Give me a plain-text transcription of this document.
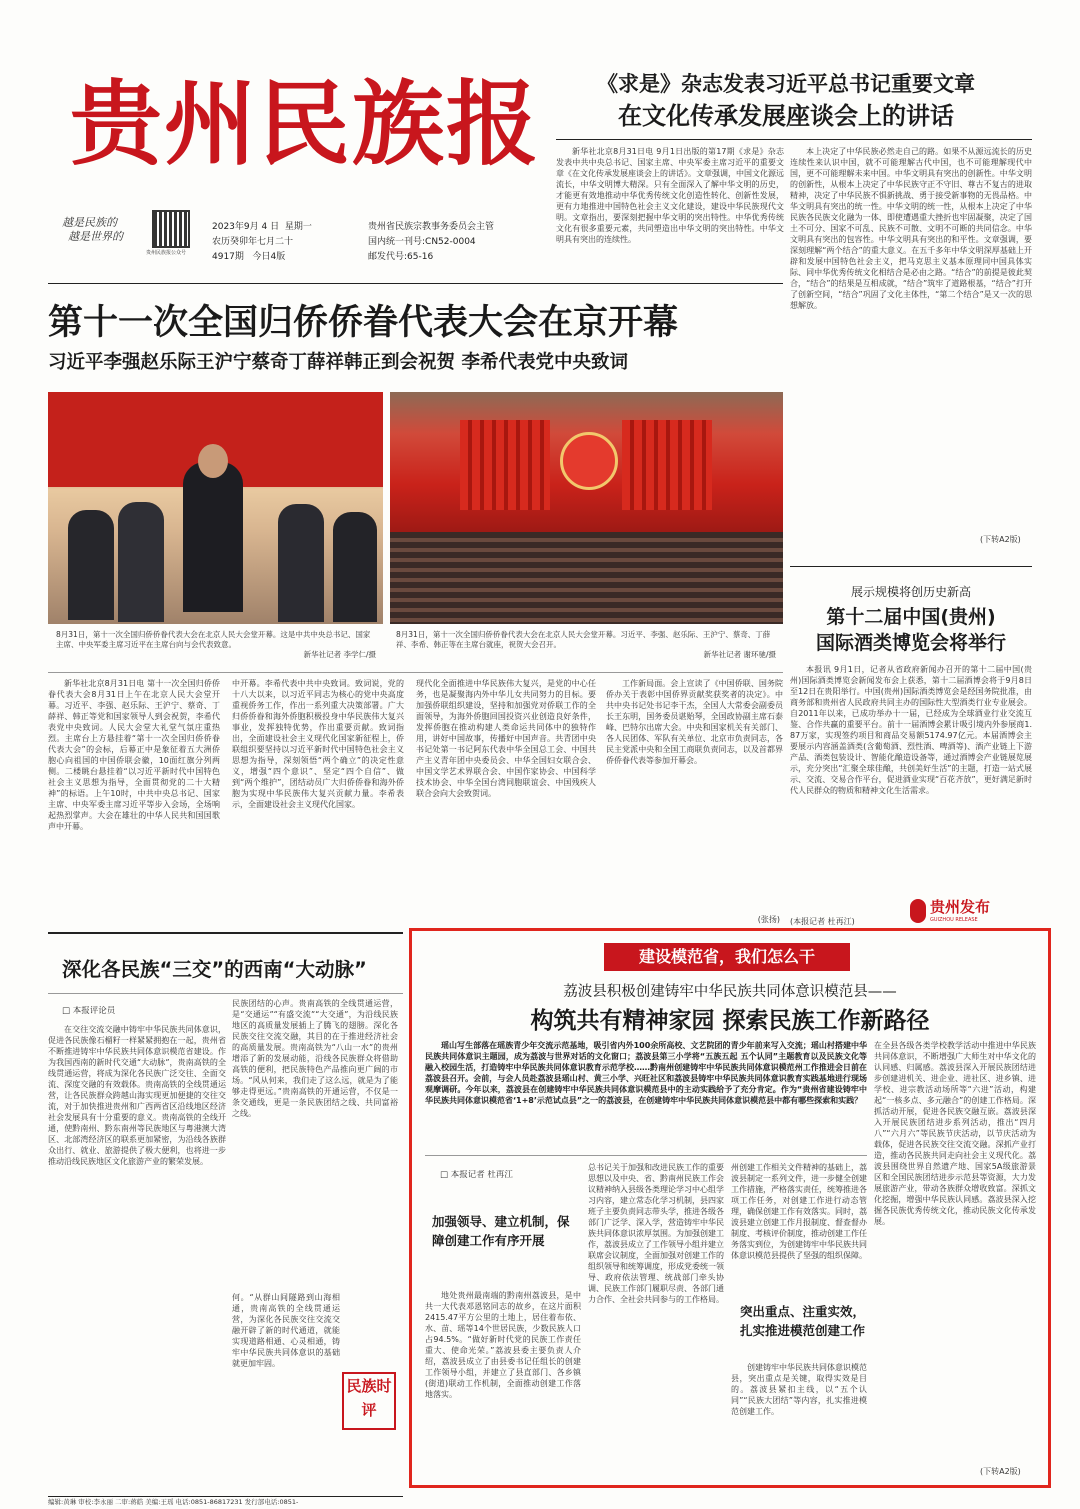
贵州民族报
越是民族的
越是世界的
贵州民族报公众号
2023年9月 4 日 星期一
农历癸卯年七月二十
4917期 今日4版
贵州省民族宗教事务委员会主管
国内统一刊号:CN52-0004
邮发代号:65-16
《求是》杂志发表习近平总书记重要文章
在文化传承发展座谈会上的讲话
新华社北京8月31日电 9月1日出版的第17期《求是》杂志发表中共中央总书记、国家主席、中央军委主席习近平的重要文章《在文化传承发展座谈会上的讲话》。文章强调，中国文化源远流长，中华文明博大精深。只有全面深入了解中华文明的历史，才能更有效地推动中华优秀传统文化创造性转化、创新性发展，更有力地推进中国特色社会主义文化建设，建设中华民族现代文明。文章指出，要深刻把握中华文明的突出特性。中华优秀传统文化有很多重要元素，共同塑造出中华文明的突出特性。中华文明具有突出的连续性。
本上决定了中华民族必然走自己的路。如果不从源远流长的历史连续性来认识中国，就不可能理解古代中国，也不可能理解现代中国，更不可能理解未来中国。中华文明具有突出的创新性。中华文明的创新性，从根本上决定了中华民族守正不守旧、尊古不复古的进取精神，决定了中华民族不惧新挑战、勇于接受新事物的无畏品格。中华文明具有突出的统一性。中华文明的统一性，从根本上决定了中华民族各民族文化融为一体、即使遭遇重大挫折也牢固凝聚，决定了国土不可分、国家不可乱、民族不可散、文明不可断的共同信念。中华文明具有突出的包容性。中华文明具有突出的和平性。文章强调，要深刻理解“两个结合”的重大意义。在五千多年中华文明深厚基础上开辟和发展中国特色社会主义，把马克思主义基本原理同中国具体实际、同中华优秀传统文化相结合是必由之路。“结合”的前提是彼此契合，“结合”的结果是互相成就，“结合”筑牢了道路根基，“结合”打开了创新空间，“结合”巩固了文化主体性，“第二个结合”是又一次的思想解放。
(下转A2版)
第十一次全国归侨侨眷代表大会在京开幕
习近平李强赵乐际王沪宁蔡奇丁薛祥韩正到会祝贺 李希代表党中央致词
8月31日，第十一次全国归侨侨眷代表大会在北京人民大会堂开幕。这是中共中央总书记、国家主席、中央军委主席习近平在主席台向与会代表致意。
新华社记者 李学仁/摄
8月31日，第十一次全国归侨侨眷代表大会在北京人民大会堂开幕。习近平、李强、赵乐际、王沪宁、蔡奇、丁薛祥、李希、韩正等在主席台就座，祝贺大会召开。
新华社记者 谢环驰/摄
新华社北京8月31日电 第十一次全国归侨侨眷代表大会8月31日上午在北京人民大会堂开幕。习近平、李强、赵乐际、王沪宁、蔡奇、丁薛祥、韩正等党和国家领导人到会祝贺，李希代表党中央致词。人民大会堂大礼堂气氛庄重热烈。主席台上方悬挂着“第十一次全国归侨侨眷代表大会”的会标，后幕正中是象征着五大洲侨胞心向祖国的中国侨联会徽，10面红旗分列两侧。二楼眺台悬挂着“以习近平新时代中国特色社会主义思想为指导，全面贯彻党的二十大精神”的标语。上午10时，中共中央总书记、国家主席、中央军委主席习近平等步入会场，全场响起热烈掌声。大会在雄壮的中华人民共和国国歌声中开幕。
中开幕。李希代表中共中央致词。致词说，党的十八大以来，以习近平同志为核心的党中央高度重视侨务工作，作出一系列重大决策部署。广大归侨侨眷和海外侨胞积极投身中华民族伟大复兴事业，发挥独特优势，作出重要贡献。致词指出，全面建设社会主义现代化国家新征程上，侨联组织要坚持以习近平新时代中国特色社会主义思想为指导，深刻领悟“两个确立”的决定性意义，增强“四个意识”、坚定“四个自信”、做到“两个维护”，团结动员广大归侨侨眷和海外侨胞为实现中华民族伟大复兴贡献力量。李希表示，全面建设社会主义现代化国家。
现代化全面推进中华民族伟大复兴，是党的中心任务，也是凝聚海内外中华儿女共同努力的目标。要加强侨联组织建设，坚持和加强党对侨联工作的全面领导，为海外侨胞回国投资兴业创造良好条件，发挥侨胞在推动构建人类命运共同体中的独特作用，讲好中国故事，传播好中国声音。共青团中央书记处第一书记阿东代表中华全国总工会、中国共产主义青年团中央委员会、中华全国妇女联合会、中国文学艺术界联合会、中国作家协会、中国科学技术协会、中华全国台湾同胞联谊会、中国残疾人联合会向大会致贺词。
工作新局面。会上宣读了《中国侨联、国务院侨办关于表彰中国侨界贡献奖获奖者的决定》。中共中央书记处书记李干杰，全国人大常委会副委员长王东明，国务委员谌贻琴，全国政协副主席石泰峰、巴特尔出席大会。中央和国家机关有关部门、各人民团体、军队有关单位、北京市负责同志，各民主党派中央和全国工商联负责同志，以及首都界侨侨眷代表等参加开幕会。
(张扬)
展示规模将创历史新高
第十二届中国(贵州)
国际酒类博览会将举行
本报讯 9月1日，记者从省政府新闻办召开的第十二届中国(贵州)国际酒类博览会新闻发布会上获悉，第十二届酒博会将于9月8日至12日在贵阳举行。中国(贵州)国际酒类博览会是经国务院批准，由商务部和贵州省人民政府共同主办的国际性大型酒类行业专业展会。自2011年以来，已成功举办十一届，已经成为全球酒业行业交流互鉴、合作共赢的重要平台。前十一届酒博会累计吸引境内外参展商1.87万家，实现签约项目和商品交易额5174.97亿元。本届酒博会主要展示内容涵盖酒类(含葡萄酒、烈性酒、啤酒等)、酒产业链上下游产品、酒类包装设计、智能化酿造设备等，通过酒博会产业链展览展示，充分突出“汇聚全球佳酿，共创美好生活”的主题，打造一站式展示、交流、交易合作平台，促进酒业实现“百花齐放”，更好满足新时代人民群众的物质和精神文化生活需求。
(本报记者 杜再江)
贵州发布
GUIZHOU RELEASE
深化各民族“三交”的西南“大动脉”
□ 本报评论员
在交往交流交融中铸牢中华民族共同体意识，促进各民族像石榴籽一样紧紧拥抱在一起，贵州省不断推进铸牢中华民族共同体意识模范省建设。作为我国西南的新时代交通“大动脉”，贵南高铁的全线贯通运营，将成为深化各民族广泛交往、全面交流、深度交融的有效载体。贵南高铁的全线贯通运营，让各民族群众跨越山海实现更加便捷的交往交流，对于加快推进贵州和广西两省区沿线地区经济社会发展具有十分重要的意义。贵南高铁的全线开通，使黔南州、黔东南州等民族地区与粤港澳大湾区、北部湾经济区的联系更加紧密，为沿线各族群众出行、就业、旅游提供了极大便利，也将进一步推动沿线民族地区文化旅游产业的繁荣发展。
民族团结的心声。贵南高铁的全线贯通运营，是“交通运”“有盛交流”“大交通”，为沿线民族地区的高质量发展插上了腾飞的翅膀。深化各民族交往交流交融，其目的在于推进经济社会的高质量发展。贵南高铁为“八山一水”的贵州增添了新的发展动能，沿线各民族群众将借助高铁的便利，把民族特色产品推向更广阔的市场。“风从何来，我们走了这么远，就是为了能够走得更远。”贵南高铁的开通运营，不仅是一条交通线，更是一条民族团结之线、共同富裕之线。
何。“从群山间隧路到山海相通，贵南高铁的全线贯通运营，为深化各民族交往交流交融开辟了新的时代通道，就能实现道路相通、心灵相通，铸牢中华民族共同体意识的基础就更加牢固。
民族时评
建设模范省，我们怎么干
荔波县积极创建铸牢中华民族共同体意识模范县——
构筑共有精神家园 探索民族工作新路径
瑶山写生部落在瑶族青少年交流示范基地，吸引省内外100余所高校、文艺院团的青少年前来写入交流；瑶山村搭建中华民族共同体意识主题园，成为荔波与世界对话的文化窗口；荔波县第三小学将“五族五起 五个认同”主题教育以及民族文化等融入校园生活，打造铸牢中华民族共同体意识教育示范学校……黔南州创建铸牢中华民族共同体意识模范州工作推进会日前在荔波县召开。会前，与会人员赴荔波县瑶山村、黄三小学、兴旺社区和荔波县铸牢中华民族共同体意识教育实践基地进行现场观摩调研。今年以来，荔波县在创建铸牢中华民族共同体意识模范县中的主动实践给予了充分肯定。作为“贵州省建设铸牢中华民族共同体意识模范省‘1+8’示范试点县”之一的荔波县，在创建铸牢中华民族共同体意识模范县中都有哪些探索和实践？
□ 本报记者 杜再江
加强领导、建立机制，保障创建工作有序开展
地处贵州最南端的黔南州荔波县，是中共一大代表邓恩铭同志的故乡，在这片面积2415.47平方公里的土地上，居住着布依、水、苗、瑶等14个世居民族，少数民族人口占94.5%。“做好新时代党的民族工作责任重大、使命光荣。”荔波县委主要负责人介绍，荔波县成立了由县委书记任组长的创建工作领导小组，并建立了县直部门、各乡镇(街道)联动工作机制，全面推动创建工作落地落实。
总书记关于加强和改进民族工作的重要思想以及中央、省、黔南州民族工作会议精神纳入县级各类理论学习中心组学习内容，建立常态化学习机制，县四家班子主要负责同志带头学，推进各级各部门广泛学、深入学，营造铸牢中华民族共同体意识浓厚氛围。为加强创建工作，荔波县成立了工作领导小组并建立联席会议制度，全面加强对创建工作的组织领导和统筹调度，形成党委统一领导、政府依法管理、统战部门牵头协调、民族工作部门履职尽责、各部门通力合作、全社会共同参与的工作格局。
州创建工作相关文件精神的基础上，荔波县制定一系列文件，进一步健全创建工作措施，严格落实责任，统筹推进各项工作任务，对创建工作进行动态管理，确保创建工作有效落实。同时，荔波县建立创建工作月报制度、督查督办制度、考核评价制度，推动创建工作任务落实到位，为创建铸牢中华民族共同体意识模范县提供了坚强的组织保障。
突出重点、注重实效，扎实推进模范创建工作
创建铸牢中华民族共同体意识模范县，突出重点是关键，取得实效是目的。荔波县紧扣主线，以“五个认同”“民族大团结”等内容，扎实推进模范创建工作。
在全县各级各类学校教学活动中推进中华民族共同体意识，不断增强广大师生对中华文化的认同感、归属感。荔波县深入开展民族团结进步创建进机关、进企业、进社区、进乡镇、进学校、进宗教活动场所等“六进”活动，构建起“一核多点、多元融合”的创建工作格局。深抓活动开展，促进各民族交融互嵌。荔波县深入开展民族团结进步系列活动，推出“四月八”“六月六”等民族节庆活动，以节庆活动为载体，促进各民族交往交流交融。深抓产业打造，推动各民族共同走向社会主义现代化。荔波县围绕世界自然遗产地、国家5A级旅游景区和全国民族团结进步示范县等资源，大力发展旅游产业，带动各族群众增收致富。深抓文化挖掘，增强中华民族认同感。荔波县深入挖掘各民族优秀传统文化，推动民族文化传承发展。
(下转A2版)
编辑:黄琳 审校:李永丽 二审:蒋皓 美编:王瑶 电话:0851-86817231 发行部电话:0851-
